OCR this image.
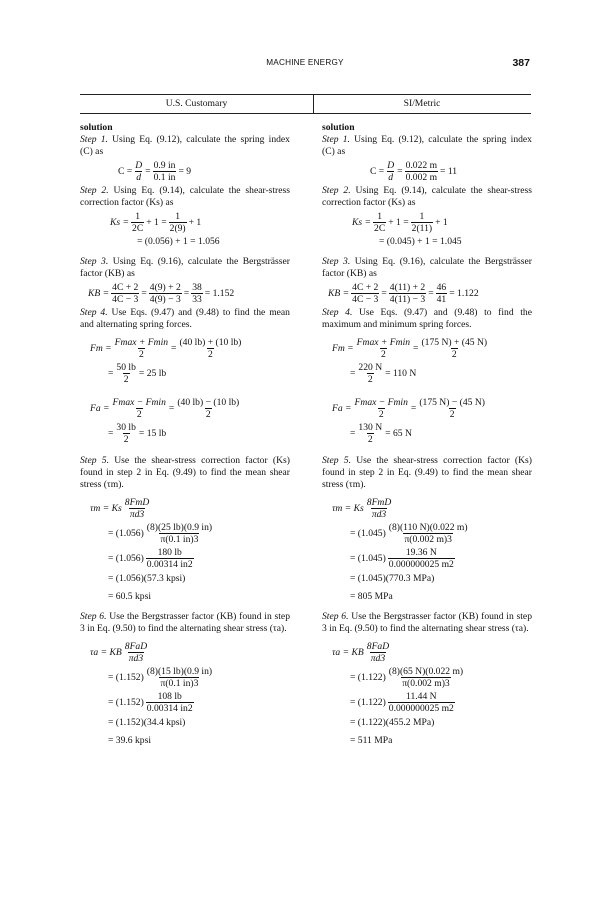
MACHINE ENERGY	387
U.S. Customary	SI/Metric

solution

Step 1. Using Eq. (9.12), calculate the spring index (C) as

$C = \frac{D}{d} = \frac{0.9 in}{0.1 in} = 9$

Step 2. Using Eq. (9.14), calculate the shear-stress correction factor (Ks) as

$Ks = \frac{1}{2C} + 1 = \frac{1}{2(9)} + 1$

= (0.056) + 1 = 1.056

Step 3. Using Eq. (9.16), calculate the Bergsträsser factor (KB) as

KB = $\frac{4C + 2}{4C - 3} = \frac{4(9) + 2}{4(9) - 3} = \frac{38}{33} = 1.152$

Step 4. Use Eqs. (9.47) and (9.48) to find the mean and alternating spring forces.

$Fm = \frac{Fmax + Fmin}{2} = \frac{(40 lb) + (10 lb)}{2}$
= $\frac{50 lb}{2} = 25$ lb
$Fa = \frac{Fmax - Fmin}{2} = \frac{(40 lb) - (10 lb)}{2}$
= $\frac{30 lb}{2} = 15$ lb

Step 5. Use the shear-stress correction factor (Ks) found in step 2 in Eq. (9.49) to find the mean shear stress (τm).

τm = Ks $\frac{\text{8FmD}}{\pi d3}$
= $(1.056) \frac{(8)(25 lb)(0.9 in)}{\pi(0.1 in)3}$
= $(1.056) \frac{180 lb}{0.00314 in2}$

= (1.056)(57.3 kpsi)

= 60.5 kpsi

Step 6. Use the Bergstrasser factor (KB) found in step 3 in Eq. (9.50) to find the alternating shear stress (τa).

τa = KB $\frac{\text{8FaD}}{\pi d3}$
= $(1.152) \frac{(8)(15 lb)(0.9 in)}{\pi(0.1 in)3}$
= $(1.152) \frac{108 lb}{0.00314 in2}$

= (1.152)(34.4 kpsi)

= 39.6 kpsi

solution

Step 1. Using Eq. (9.12), calculate the spring index (C) as

$C = \frac{D}{d} = \frac{0.022 m}{0.002 m} = 11$

Step 2. Using Eq. (9.14), calculate the shear-stress correction factor (Ks) as

$Ks = \frac{1}{2C} + 1 = \frac{1}{2(11)} + 1$

= (0.045) + 1 = 1.045

Step 3. Using Eq. (9.16), calculate the Bergsträsser factor (KB) as

KB = $\frac{4C + 2}{4C - 3} = \frac{4(11) + 2}{4(11) - 3} = \frac{46}{41} = 1.122$

Step 4. Use Eqs. (9.47) and (9.48) to find the maximum and minimum spring forces.

$Fm = \frac{Fmax + Fmin}{2} = \frac{(175 N) + (45 N)}{2}$
= $\frac{220 N}{2} = 110$ N
$Fa = \frac{Fmax - Fmin}{2} = \frac{(175 N) - (45 N)}{2}$
= $\frac{130 N}{2} = 65$ N

Step 5. Use the shear-stress correction factor (Ks) found in step 2 in Eq. (9.49) to find the mean shear stress (τm).

τm = Ks $\frac{\text{8FmD}}{\pi d3}$
= $(1.045) \frac{(8)(110 N)(0.022 m)}{\pi(0.002 m)3}$
= $(1.045) \frac{19.36 N}{0.000000025 m2}$

= (1.045)(770.3 MPa)

= 805 MPa

Step 6. Use the Bergstrasser factor (KB) found in step 3 in Eq. (9.50) to find the alternating shear stress (τa).

τa = KB $\frac{\text{8FaD}}{\pi d3}$
= $(1.122) \frac{(8)(65 N)(0.022 m)}{\pi(0.002 m)3}$
= $(1.122) \frac{11.44 N}{0.000000025 m2}$

= (1.122)(455.2 MPa)

= 511 MPa
